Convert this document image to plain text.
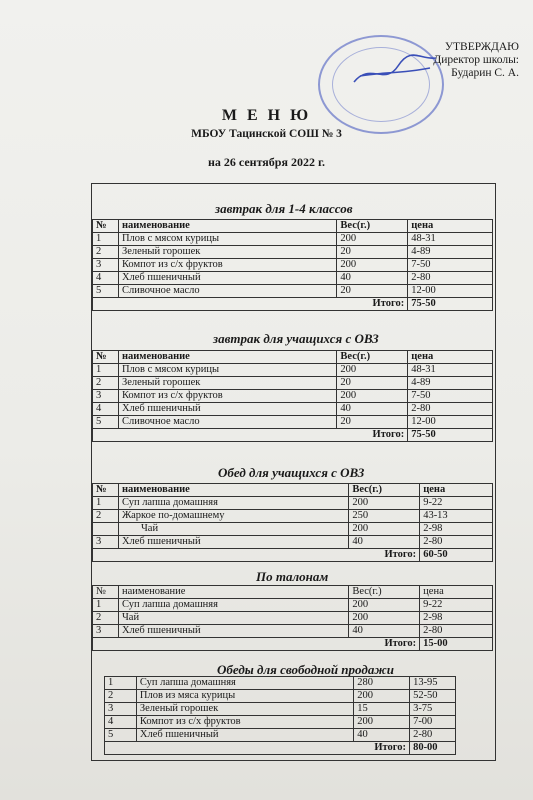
УТВЕРЖДАЮ
Директор школы:
Бударин С. А.
М Е Н Ю
МБОУ Тацинской СОШ № 3
на 26 сентября 2022 г.
завтрак для 1-4 классов
№	наименование	Вес(г.)	цена
1	Плов с мясом курицы	200	48-31
2	Зеленый горошек	20	4-89
3	Компот из с/х фруктов	200	7-50
4	Хлеб пшеничный	40	2-80
5	Сливочное масло	20	12-00
Итого:			75-50
завтрак для учащихся с ОВЗ
№	наименование	Вес(г.)	цена
1	Плов с мясом курицы	200	48-31
2	Зеленый горошек	20	4-89
3	Компот из с/х фруктов	200	7-50
4	Хлеб пшеничный	40	2-80
5	Сливочное масло	20	12-00
Итого:			75-50
Обед для учащихся с ОВЗ
№	наименование	Вес(г.)	цена
1	Суп лапша домашняя	200	9-22
2	Жаркое по-домашнему	250	43-13
	Чай	200	2-98
3	Хлеб пшеничный	40	2-80
Итого:			60-50
По талонам
№	наименование	Вес(г.)	цена
1	Суп лапша домашняя	200	9-22
2	Чай	200	2-98
3	Хлеб пшеничный	40	2-80
Итого:			15-00
Обеды для свободной продажи
1	Суп лапша домашняя	280	13-95
2	Плов из мяса курицы	200	52-50
3	Зеленый горошек	15	3-75
4	Компот из с/х фруктов	200	7-00
5	Хлеб пшеничный	40	2-80
Итого:			80-00
